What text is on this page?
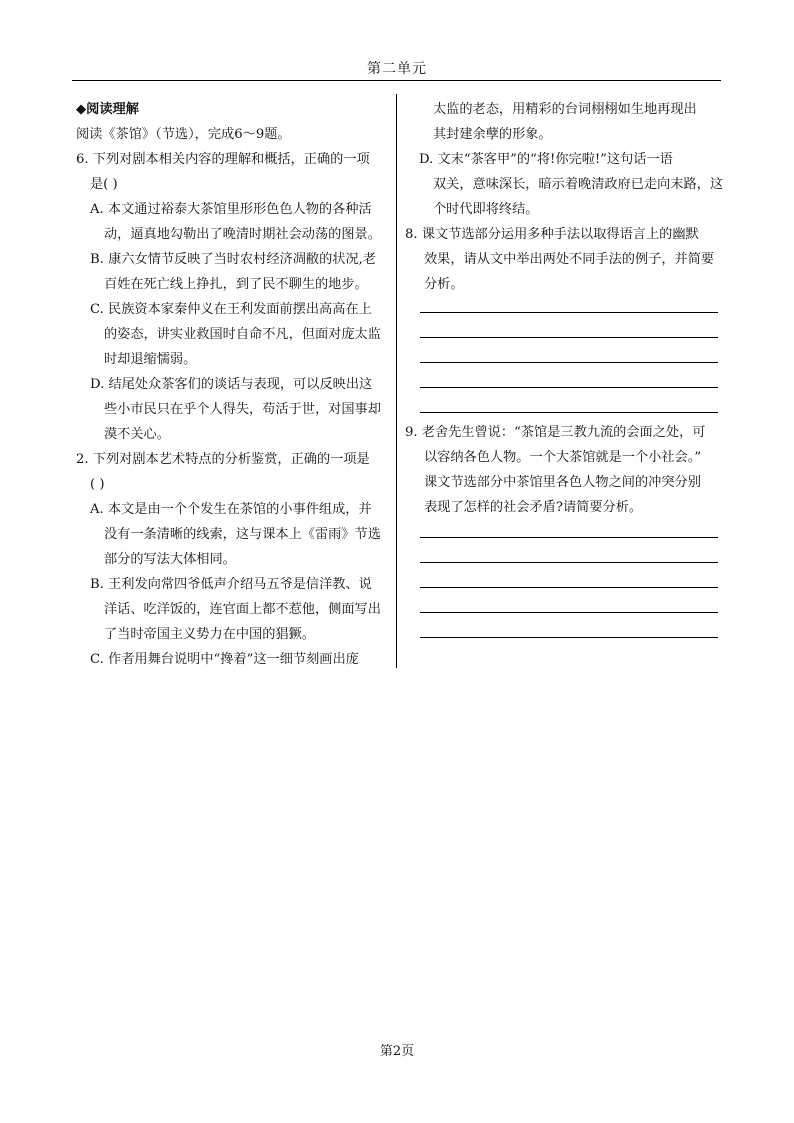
第二单元
◆阅读理解
阅读《茶馆》（节选），完成6～9题。
6. 下列对剧本相关内容的理解和概括，正确的一项
是( )
A. 本文通过裕泰大茶馆里形形色色人物的各种活
动，逼真地勾勒出了晚清时期社会动荡的图景。
B. 康六女情节反映了当时农村经济凋敝的状况,老
百姓在死亡线上挣扎，到了民不聊生的地步。
C. 民族资本家秦仲义在王利发面前摆出高高在上
的姿态，讲实业救国时自命不凡，但面对庞太监
时却退缩懦弱。
D. 结尾处众茶客们的谈话与表现，可以反映出这
些小市民只在乎个人得失，苟活于世，对国事却
漠不关心。
2. 下列对剧本艺术特点的分析鉴赏，正确的一项是
( )
A. 本文是由一个个发生在茶馆的小事件组成，并
没有一条清晰的线索，这与课本上《雷雨》节选
部分的写法大体相同。
B. 王利发向常四爷低声介绍马五爷是信洋教、说
洋话、吃洋饭的，连官面上都不惹他，侧面写出
了当时帝国主义势力在中国的猖獗。
C. 作者用舞台说明中“搀着”这一细节刻画出庞
太监的老态，用精彩的台词栩栩如生地再现出
其封建余孽的形象。
D. 文末“茶客甲”的“将!你完啦!”这句话一语
双关，意味深长，暗示着晚清政府已走向末路，这
个时代即将终结。
8. 课文节选部分运用多种手法以取得语言上的幽默
效果，请从文中举出两处不同手法的例子，并简要
分析。
9. 老舍先生曾说：“茶馆是三教九流的会面之处，可
以容纳各色人物。一个大茶馆就是一个小社会。”
课文节选部分中茶馆里各色人物之间的冲突分别
表现了怎样的社会矛盾?请简要分析。
第2页
